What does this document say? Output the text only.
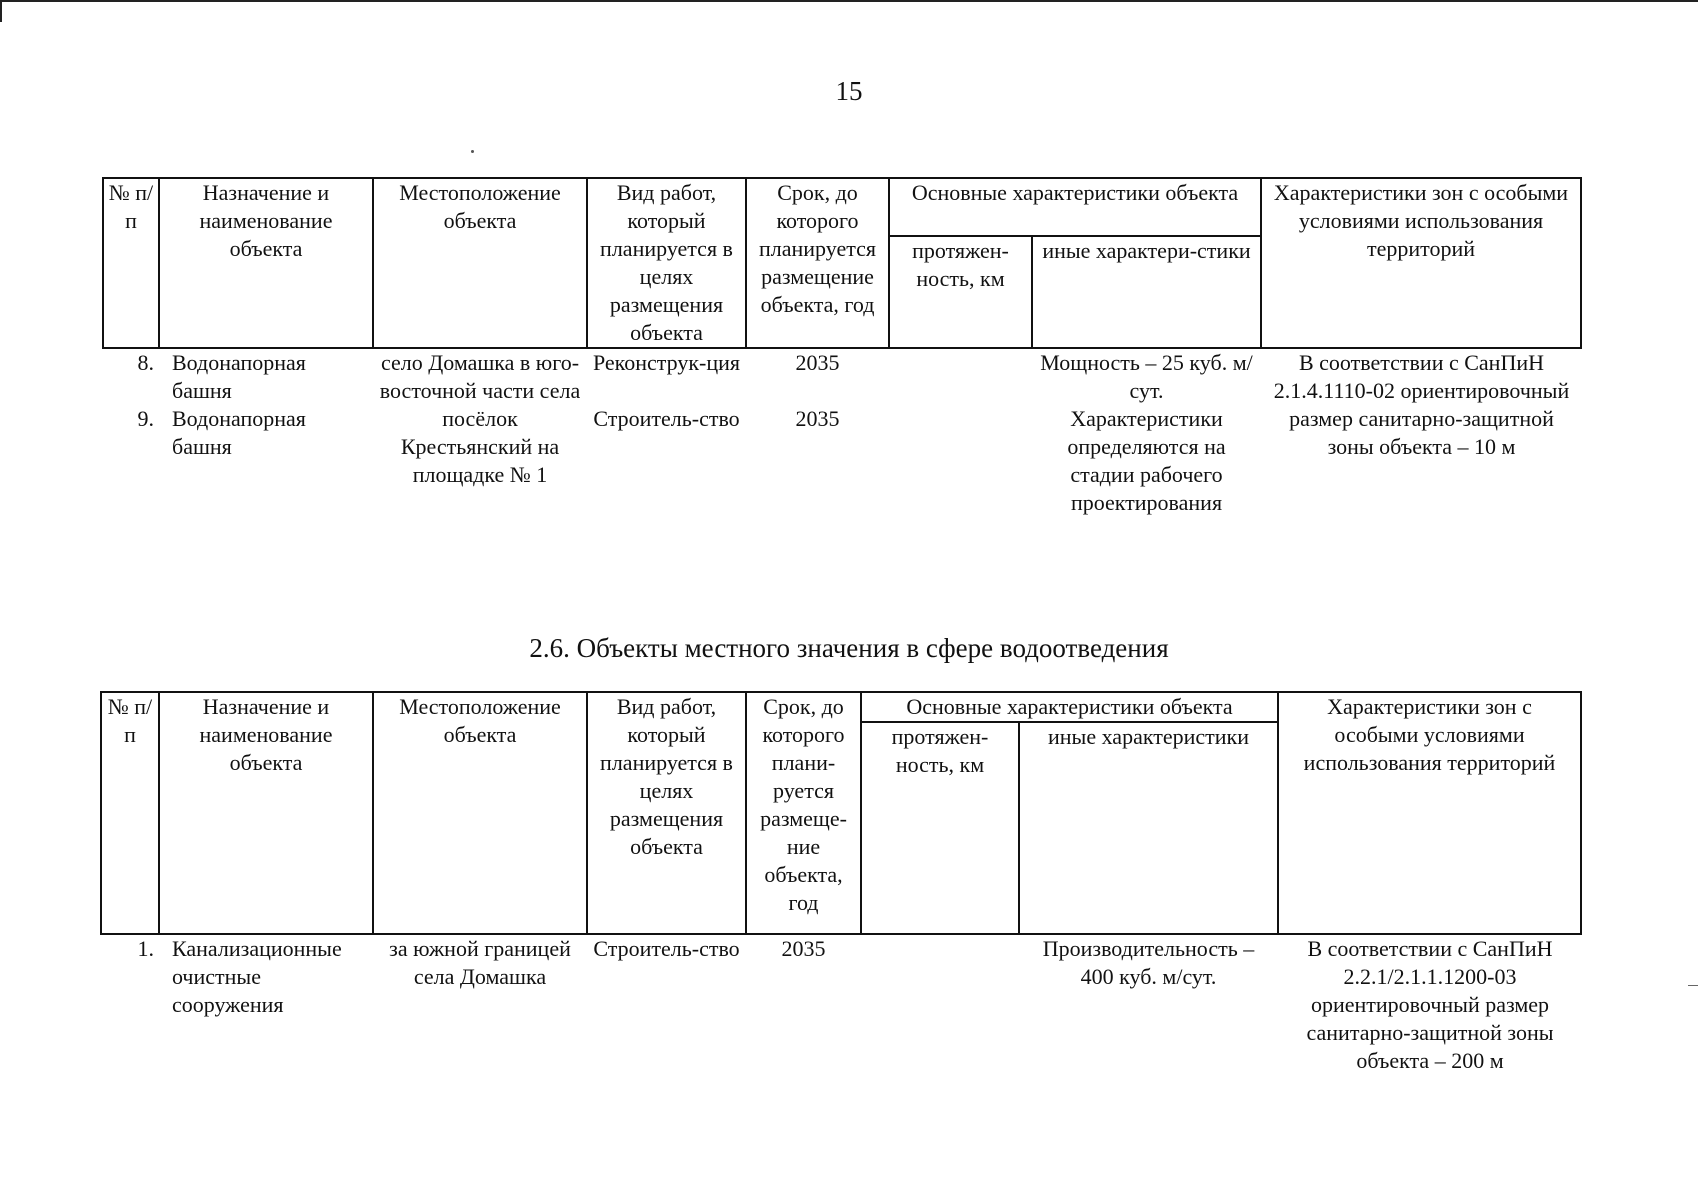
15
№ п/п	Назначение и наименование объекта	Местоположение объекта	Вид работ, который планируется в целях размещения объекта	Срок, до которого планируется размещение объекта, год	Основные характеристики объекта		Характеристики зон с особыми условиями использования территорий
					протяжен-ность, км	иные характери-стики	
8.	Водонапорная башня	село Домашка в юго-восточной части села	Реконструк-ция	2035		Мощность – 25 куб. м/ сут.	В соответствии с СанПиН 2.1.4.1110-02 ориентировочный размер санитарно-защитной зоны объекта – 10 м
9.	Водонапорная башня	посёлок Крестьянский на площадке № 1	Строитель-ство	2035		Характеристики определяются на стадии рабочего проектирования	
2.6. Объекты местного значения в сфере водоотведения
№ п/п	Назначение и наименование объекта	Местоположение объекта	Вид работ, который планируется в целях размещения объекта	Срок, до которого плани-руется размеще-ние объекта, год	Основные характеристики объекта		Характеристики зон с особыми условиями использования территорий
					протяжен-ность, км	иные характеристики	
1.	Канализационные очистные сооружения	за южной границей села Домашка	Строитель-ство	2035		Производительность – 400 куб. м/сут.	В соответствии с СанПиН 2.2.1/2.1.1.1200-03 ориентировочный размер санитарно-защитной зоны объекта – 200 м
